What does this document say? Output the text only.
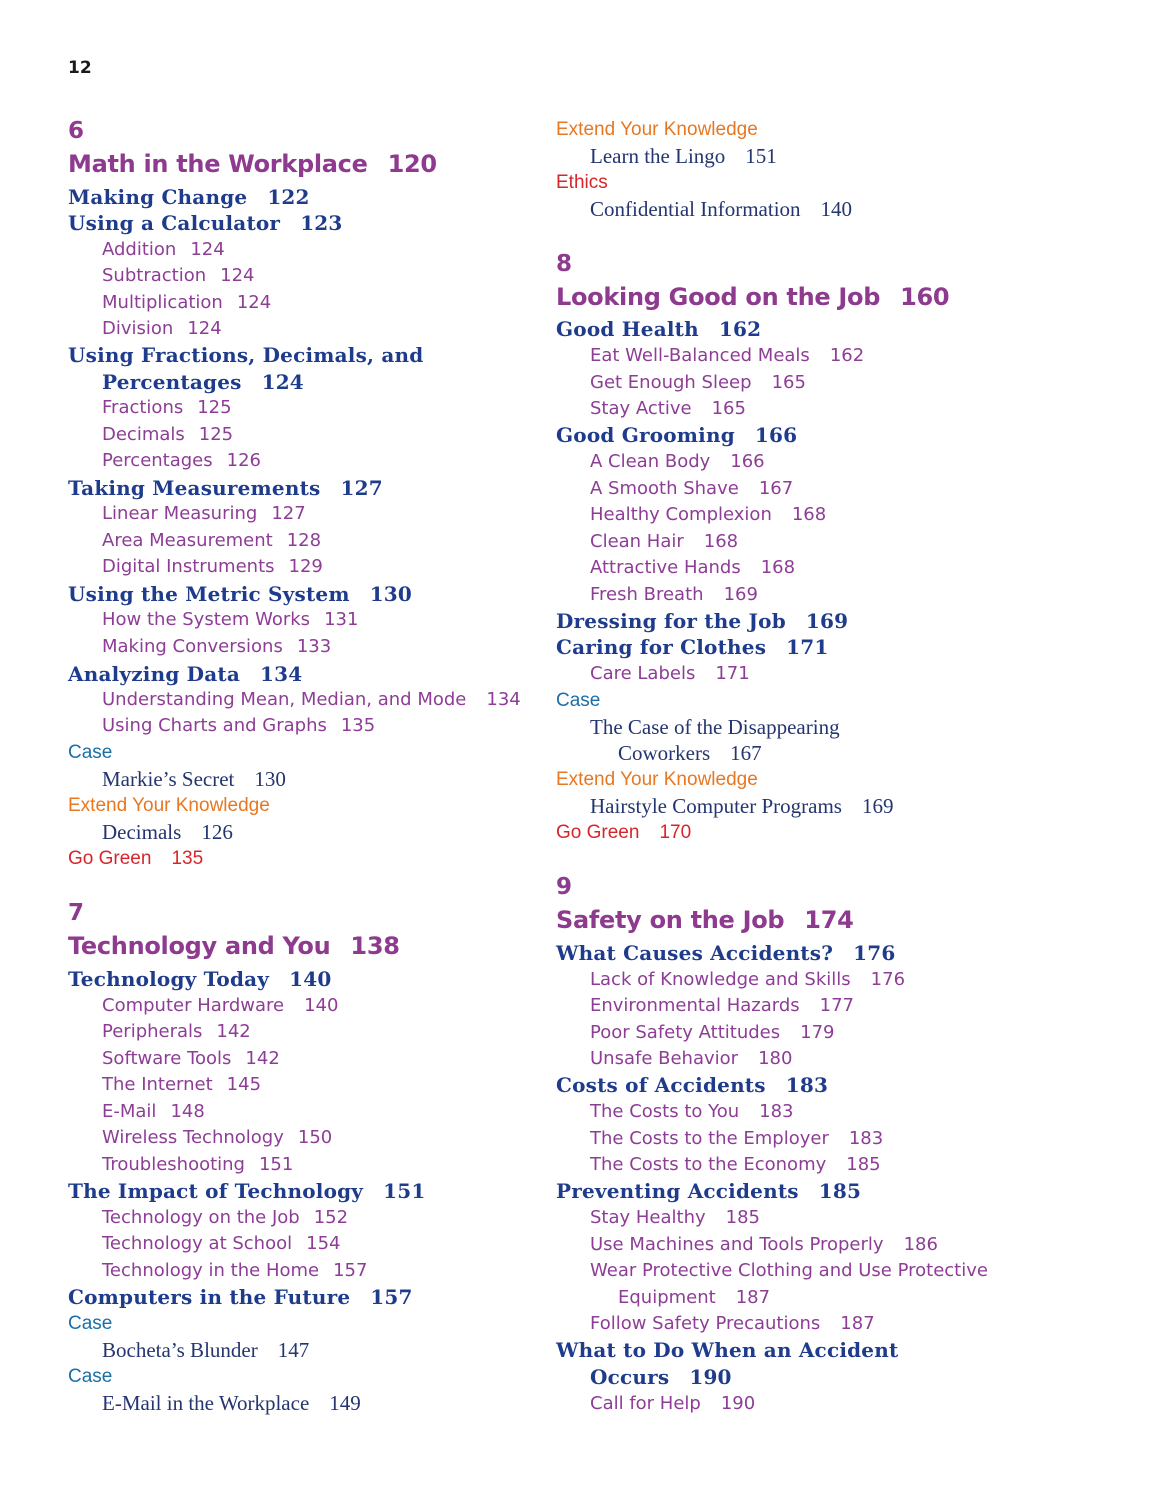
12
6
Math in the Workplace 120
Making Change 122
Using a Calculator 123
Addition 124
Subtraction 124
Multiplication 124
Division 124
Using Fractions, Decimals, and
Percentages 124
Fractions 125
Decimals 125
Percentages 126
Taking Measurements 127
Linear Measuring 127
Area Measurement 128
Digital Instruments 129
Using the Metric System 130
How the System Works 131
Making Conversions 133
Analyzing Data 134
Understanding Mean, Median, and Mode 134
Using Charts and Graphs 135
Case
Markie’s Secret 130
Extend Your Knowledge
Decimals 126
Go Green 135
7
Technology and You 138
Technology Today 140
Computer Hardware 140
Peripherals 142
Software Tools 142
The Internet 145
E-Mail 148
Wireless Technology 150
Troubleshooting 151
The Impact of Technology 151
Technology on the Job 152
Technology at School 154
Technology in the Home 157
Computers in the Future 157
Case
Bocheta’s Blunder 147
Case
E-Mail in the Workplace 149
Extend Your Knowledge
Learn the Lingo 151
Ethics
Confidential Information 140
8
Looking Good on the Job 160
Good Health 162
Eat Well-Balanced Meals 162
Get Enough Sleep 165
Stay Active 165
Good Grooming 166
A Clean Body 166
A Smooth Shave 167
Healthy Complexion 168
Clean Hair 168
Attractive Hands 168
Fresh Breath 169
Dressing for the Job 169
Caring for Clothes 171
Care Labels 171
Case
The Case of the Disappearing
Coworkers 167
Extend Your Knowledge
Hairstyle Computer Programs 169
Go Green 170
9
Safety on the Job 174
What Causes Accidents? 176
Lack of Knowledge and Skills 176
Environmental Hazards 177
Poor Safety Attitudes 179
Unsafe Behavior 180
Costs of Accidents 183
The Costs to You 183
The Costs to the Employer 183
The Costs to the Economy 185
Preventing Accidents 185
Stay Healthy 185
Use Machines and Tools Properly 186
Wear Protective Clothing and Use Protective
Equipment 187
Follow Safety Precautions 187
What to Do When an Accident
Occurs 190
Call for Help 190
